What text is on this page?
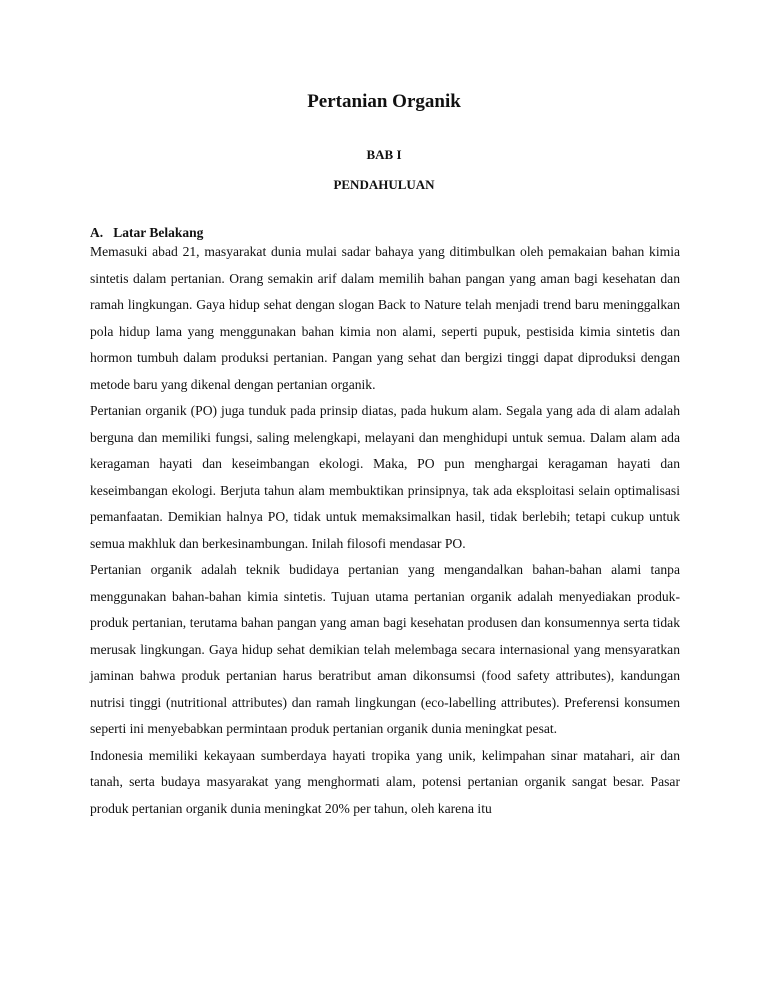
Pertanian Organik
BAB I
PENDAHULUAN
A.   Latar Belakang

Memasuki abad 21, masyarakat dunia mulai sadar bahaya yang ditimbulkan oleh pemakaian bahan kimia sintetis dalam pertanian. Orang semakin arif dalam memilih bahan pangan yang aman bagi kesehatan dan ramah lingkungan. Gaya hidup sehat dengan slogan Back to Nature telah menjadi trend baru meninggalkan pola hidup lama yang menggunakan bahan kimia non alami, seperti pupuk, pestisida kimia sintetis dan hormon tumbuh dalam produksi pertanian. Pangan yang sehat dan bergizi tinggi dapat diproduksi dengan metode baru yang dikenal dengan pertanian organik.

Pertanian organik (PO) juga tunduk pada prinsip diatas, pada hukum alam. Segala yang ada di alam adalah berguna dan memiliki fungsi, saling melengkapi, melayani dan menghidupi untuk semua. Dalam alam ada keragaman hayati dan keseimbangan ekologi. Maka, PO pun menghargai keragaman hayati dan keseimbangan ekologi. Berjuta tahun alam membuktikan prinsipnya, tak ada eksploitasi selain optimalisasi pemanfaatan. Demikian halnya PO, tidak untuk memaksimalkan hasil, tidak berlebih; tetapi cukup untuk semua makhluk dan berkesinambungan. Inilah filosofi mendasar PO.

Pertanian organik adalah teknik budidaya pertanian yang mengandalkan bahan-bahan alami tanpa menggunakan bahan-bahan kimia sintetis. Tujuan utama pertanian organik adalah menyediakan produk-produk pertanian, terutama bahan pangan yang aman bagi kesehatan produsen dan konsumennya serta tidak merusak lingkungan. Gaya hidup sehat demikian telah melembaga secara internasional yang mensyaratkan jaminan bahwa produk pertanian harus beratribut aman dikonsumsi (food safety attributes), kandungan nutrisi tinggi (nutritional attributes) dan ramah lingkungan (eco-labelling attributes). Preferensi konsumen seperti ini menyebabkan permintaan produk pertanian organik dunia meningkat pesat.

Indonesia memiliki kekayaan sumberdaya hayati tropika yang unik, kelimpahan sinar matahari, air dan tanah, serta budaya masyarakat yang menghormati alam, potensi pertanian organik sangat besar. Pasar produk pertanian organik dunia meningkat 20% per tahun, oleh karena itu
